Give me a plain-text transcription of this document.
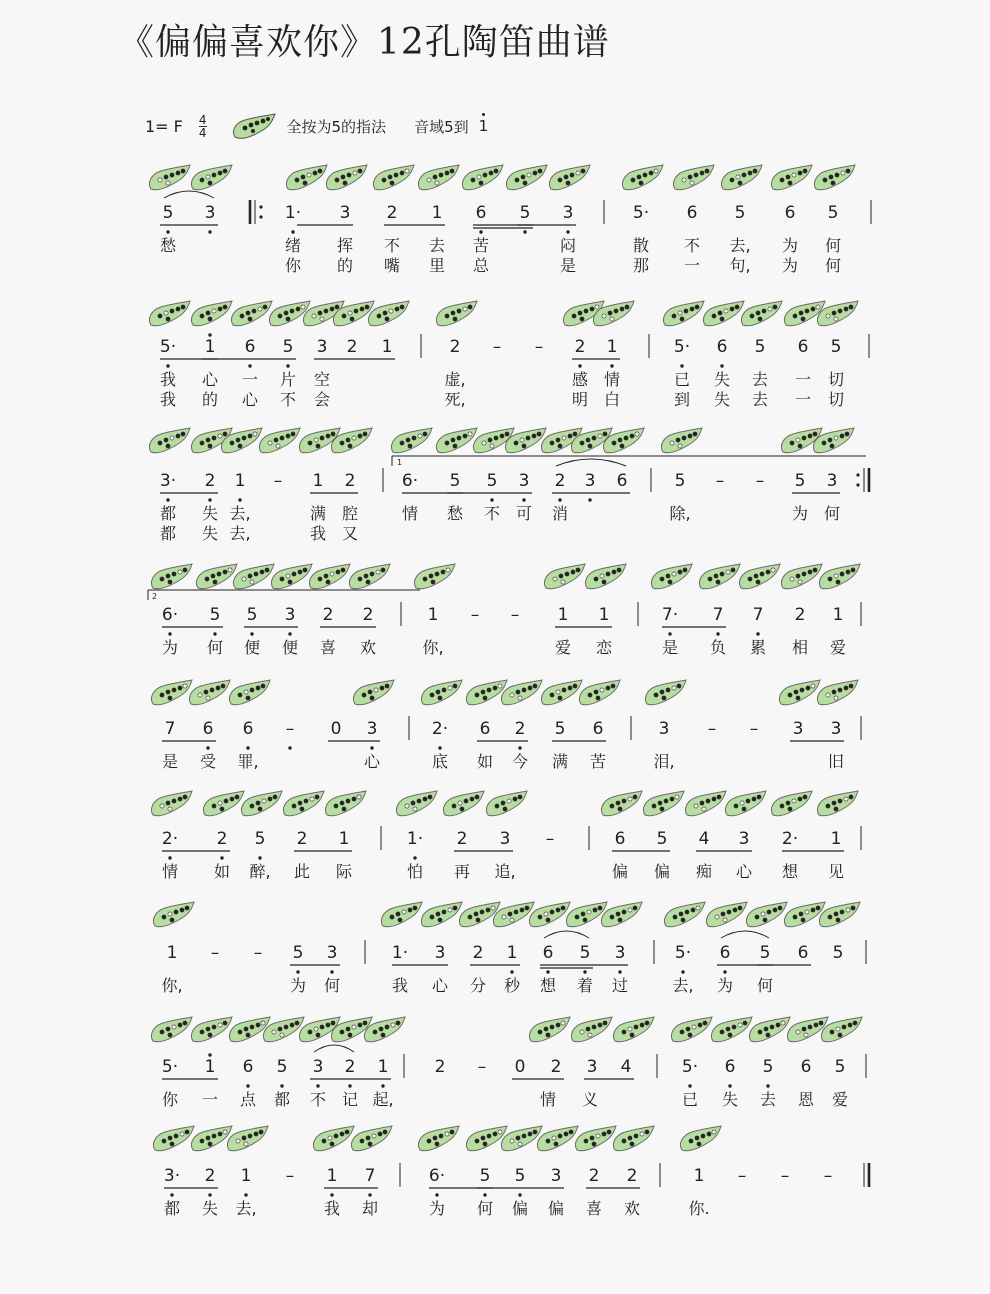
《偏偏喜欢你》12孔陶笛曲谱
1= F $\frac{4}{4}$	全按为5的指法 音域5到 1
5 3	1· 3 2 1 6 5 3	5· 6 5 6 5
愁	绪 挥 不 去 苦	闷	散 不 去, 为 何
你 的 嘴 里 总	是	那 一 句, 为 何
5· 1 6 5 3 2 1	2 – – 2 1	5· 6 5 6 5
我 心 一 片 空	虚,	感 情	已 失 去 一 切
我 的 心 不 会	死,	明 白	到 失 去 一 切
3· 2 1 – 1 2	6· 5 5 3 2 3 6	5 – – 5 3
1
2
都 失 去,	满 腔	情 愁 不 可 消	除,	为 何
都 失 去,	我 又
6· 5 5 3 2 2	1 – – 1 1	7· 7 7 2 1
为 何 便 便 喜 欢	你,	爱 恋	是 负 累 相 爱
7 6 6 – 0 3	2· 6 2 5 6	3 – – 3 3
是 受 罪,	心	底 如 今 满 苦	泪,	旧
2· 2 5 2 1	1· 2 3 –	6 5 4 3 2· 1
情 如 醉, 此 际	怕 再 追,	偏 偏 痴 心 想 见
1 – – 5 3	1· 3 2 1 6 5 3	5· 6 5 6 5
你,	为 何	我 心 分 秒 想 着 过	去, 为 何
5· 1 6 5 3 2 1	2 – 0 2 3 4	5· 6 5 6 5
你 一 点 都 不 记 起,	情 义	已 失 去 恩 爱
3· 2 1 – 1 7	6· 5 5 3 2 2	1 – – –
都 失 去,	我 却	为 何 偏 偏 喜 欢	你.
